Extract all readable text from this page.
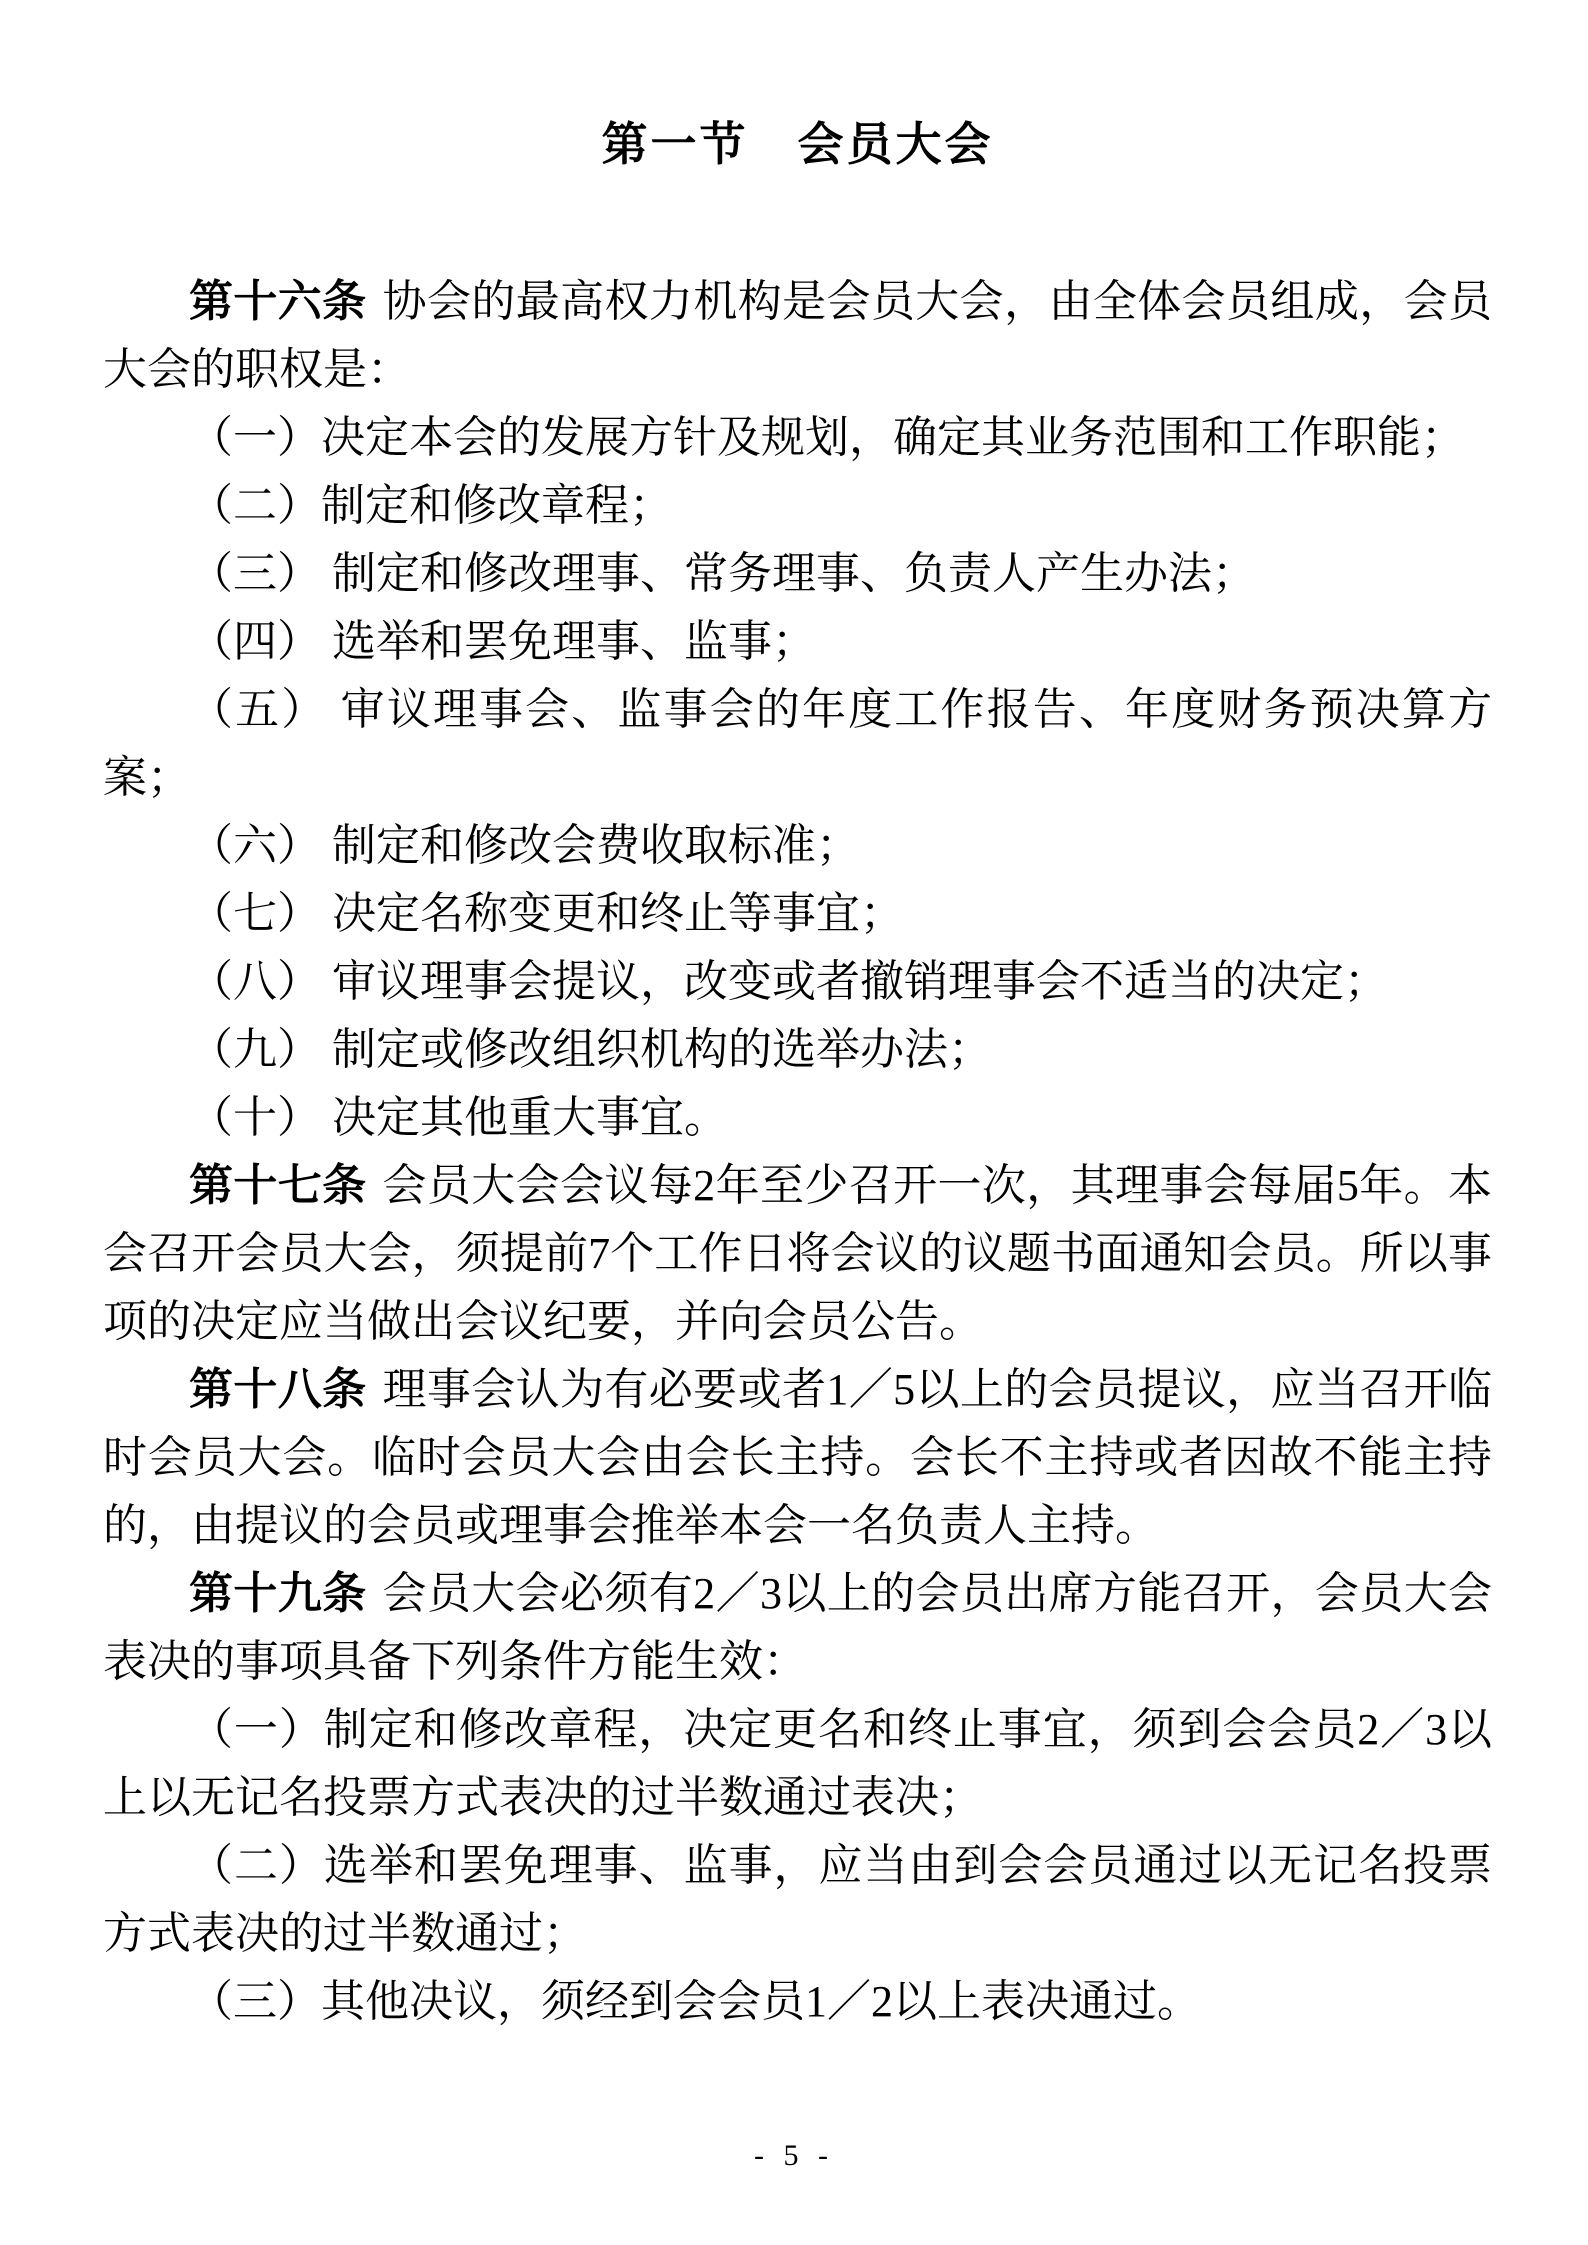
第一节　会员大会

第十六条 协会的最高权力机构是会员大会，由全体会员组成，会员大会的职权是：

（一）决定本会的发展方针及规划，确定其业务范围和工作职能；

（二）制定和修改章程；

（三） 制定和修改理事、常务理事、负责人产生办法；

（四） 选举和罢免理事、监事；

（五） 审议理事会、监事会的年度工作报告、年度财务预决算方案；

（六） 制定和修改会费收取标准；

（七） 决定名称变更和终止等事宜；

（八） 审议理事会提议，改变或者撤销理事会不适当的决定；

（九） 制定或修改组织机构的选举办法；

（十） 决定其他重大事宜。

第十七条 会员大会会议每2年至少召开一次，其理事会每届5年。本会召开会员大会，须提前7个工作日将会议的议题书面通知会员。所以事项的决定应当做出会议纪要，并向会员公告。

第十八条 理事会认为有必要或者1／5以上的会员提议，应当召开临时会员大会。临时会员大会由会长主持。会长不主持或者因故不能主持的，由提议的会员或理事会推举本会一名负责人主持。

第十九条 会员大会必须有2／3以上的会员出席方能召开，会员大会表决的事项具备下列条件方能生效：

（一）制定和修改章程，决定更名和终止事宜，须到会会员2／3以上以无记名投票方式表决的过半数通过表决；

（二）选举和罢免理事、监事，应当由到会会员通过以无记名投票方式表决的过半数通过；

（三）其他决议，须经到会会员1／2以上表决通过。

- 5 -
